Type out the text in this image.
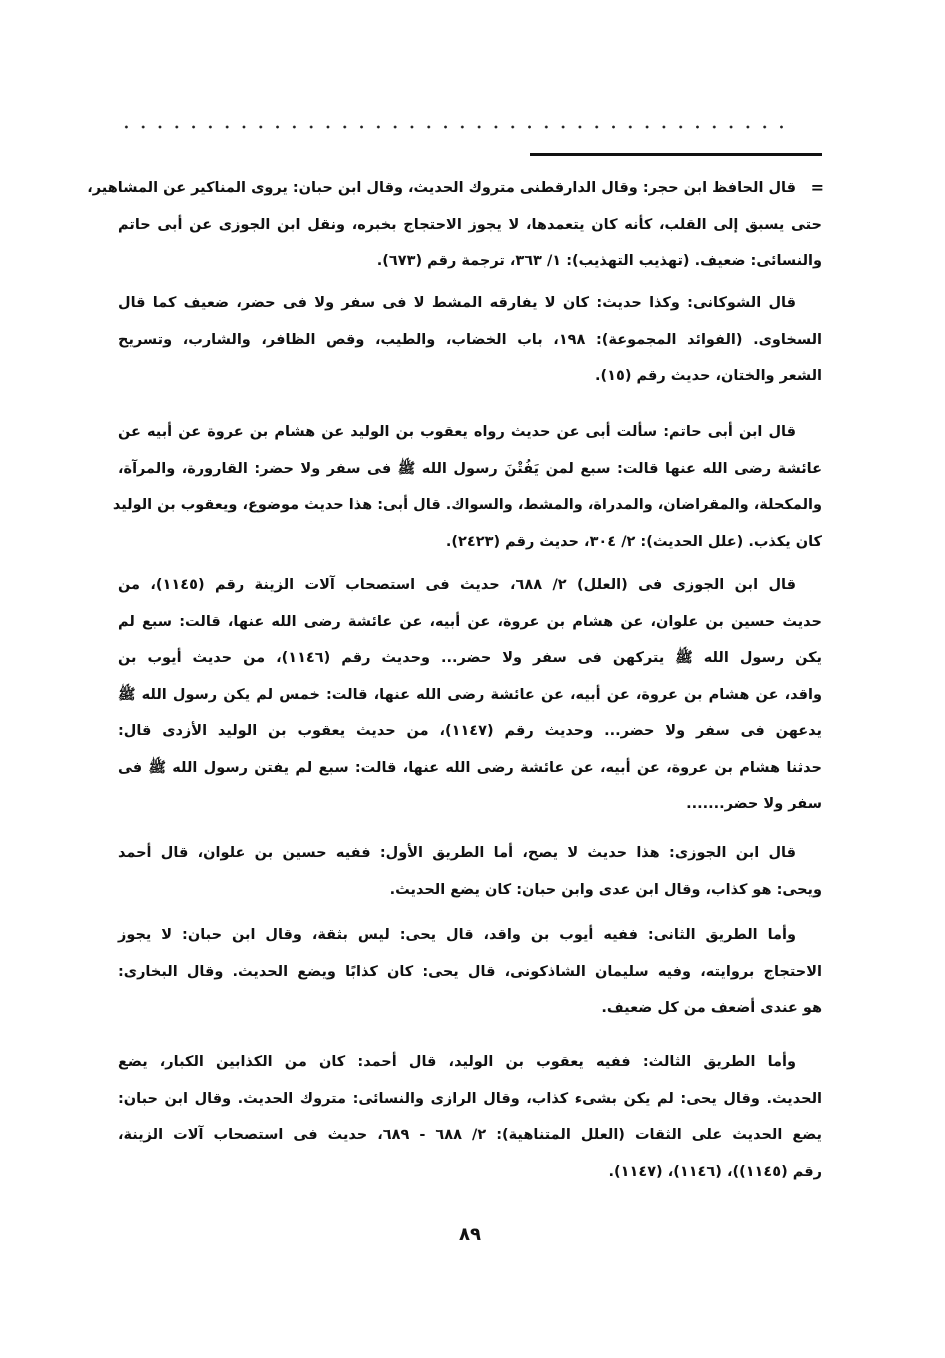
=
قال الحافظ ابن حجر: وقال الدارقطنى متروك الحديث، وقال ابن حبان: يروى المناكير عن المشاهير،
حتى يسبق إلى القلب، كأنه كان يتعمدها، لا يجوز الاحتجاج بخبره، ونقل ابن الجوزى عن أبى حاتم
والنسائى: ضعيف. (تهذيب التهذيب): ١/ ٣٦٣، ترجمة رقم (٦٧٣).
قال الشوكانى: وكذا حديث: كان لا يفارقه المشط لا فى سفر ولا فى حضر، ضعيف كما قال
السخاوى. (الفوائد المجموعة): ١٩٨، باب الخضاب، والطيب، وقص الظافر، والشارب، وتسريح
الشعر والختان، حديث رقم (١٥).
قال ابن أبى حاتم: سألت أبى عن حديث رواه يعقوب بن الوليد عن هشام بن عروة عن أبيه عن
عائشة رضى الله عنها قالت: سبع لمن يَفُتْنَ رسول الله ﷺ فى سفر ولا حضر: القارورة، والمرآة،
والمكحلة، والمقراضان، والمدراة، والمشط، والسواك. قال أبى: هذا حديث موضوع، ويعقوب بن الوليد
كان يكذب. (علل الحديث): ٢/ ٣٠٤، حديث رقم (٢٤٢٣).
قال ابن الجوزى فى (العلل) ٢/ ٦٨٨، حديث فى استصحاب آلات الزينة رقم (١١٤٥)، من
حديث حسين بن علوان، عن هشام بن عروة، عن أبيه، عن عائشة رضى الله عنها، قالت: سبع لم
يكن رسول الله ﷺ يتركهن فى سفر ولا حضر... وحديث رقم (١١٤٦)، من حديث أيوب بن
واقد، عن هشام بن عروة، عن أبيه، عن عائشة رضى الله عنها، قالت: خمس لم يكن رسول الله ﷺ
يدعهن فى سفر ولا حضر... وحديث رقم (١١٤٧)، من حديث يعقوب بن الوليد الأزدى قال:
حدثنا هشام بن عروة، عن أبيه، عن عائشة رضى الله عنها، قالت: سبع لم يفتن رسول الله ﷺ فى
سفر ولا حضر.......
قال ابن الجوزى: هذا حديث لا يصح، أما الطريق الأول: ففيه حسين بن علوان، قال أحمد
ويحى: هو كذاب، وقال ابن عدى وابن حبان: كان يضع الحديث.
وأما الطريق الثانى: ففيه أيوب بن واقد، قال يحى: ليس بثقة، وقال ابن حبان: لا يجوز
الاحتجاج بروايته، وفيه سليمان الشاذكونى، قال يحى: كان كذابًا ويضع الحديث. وقال البخارى:
هو عندى أضعف من كل ضعيف.
وأما الطريق الثالث: ففيه يعقوب بن الوليد، قال أحمد: كان من الكذابين الكبار، يضع
الحديث. وقال يحى: لم يكن بشىء كذاب، وقال الرازى والنسائى: متروك الحديث. وقال ابن حبان:
يضع الحديث على الثقات (العلل المتناهية): ٢/ ٦٨٨ - ٦٨٩، حديث فى استصحاب آلات الزينة،
رقم (١١٤٥))، (١١٤٦)، (١١٤٧).
٨٩
